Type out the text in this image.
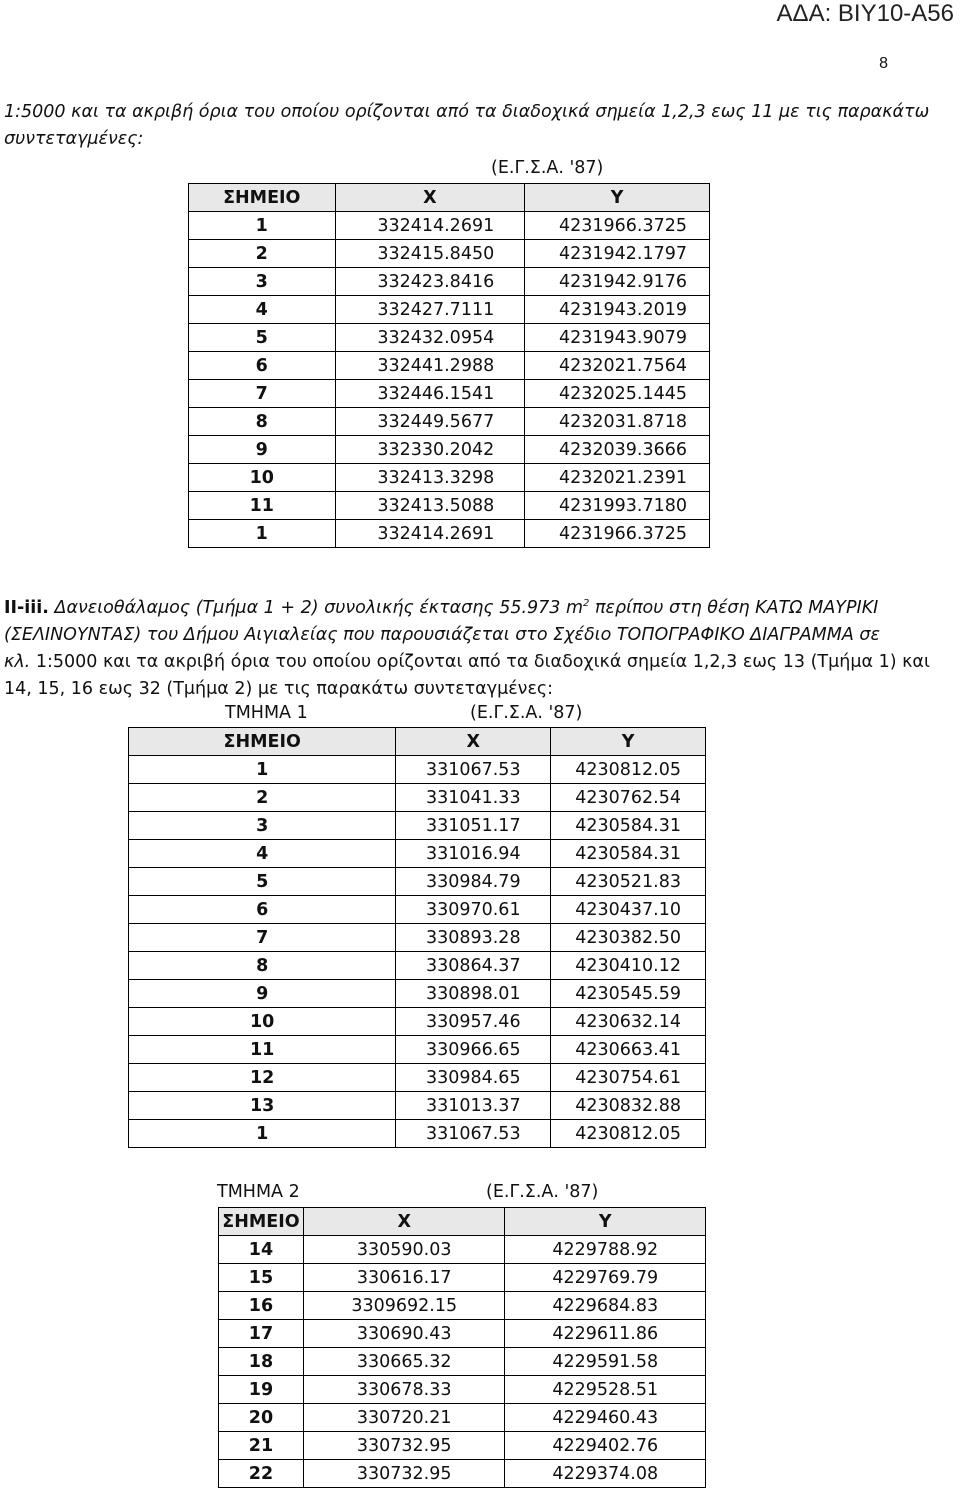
ΑΔΑ: ΒΙΥ10-Α56
8
1:5000 και τα ακριβή όρια του οποίου ορίζονται από τα διαδοχικά σημεία 1,2,3 εως 11 με τις παρακάτω
συντεταγμένες:
(Ε.Γ.Σ.Α. '87)
ΣΗΜΕΙΟ	X	Y
1	332414.2691	4231966.3725
2	332415.8450	4231942.1797
3	332423.8416	4231942.9176
4	332427.7111	4231943.2019
5	332432.0954	4231943.9079
6	332441.2988	4232021.7564
7	332446.1541	4232025.1445
8	332449.5677	4232031.8718
9	332330.2042	4232039.3666
10	332413.3298	4232021.2391
11	332413.5088	4231993.7180
1	332414.2691	4231966.3725
ΙΙ-iii. Δανειοθάλαμος (Τμήμα 1 + 2) συνολικής έκτασης 55.973 $m^2$ περίπου στη θέση ΚΑΤΩ ΜΑΥΡΙΚΙ
(ΣΕΛΙΝΟΥΝΤΑΣ) του Δήμου Αιγιαλείας που παρουσιάζεται στο Σχέδιο ΤΟΠΟΓΡΑΦΙΚΟ ΔΙΑΓΡΑΜΜΑ σε
κλ. 1:5000 και τα ακριβή όρια του οποίου ορίζονται από τα διαδοχικά σημεία 1,2,3 εως 13 (Τμήμα 1) και
14, 15, 16 εως 32 (Τμήμα 2) με τις παρακάτω συντεταγμένες:
ΤΜΗΜΑ 1	(Ε.Γ.Σ.Α. '87)
ΣΗΜΕΙΟ	X	Y
1	331067.53	4230812.05
2	331041.33	4230762.54
3	331051.17	4230584.31
4	331016.94	4230584.31
5	330984.79	4230521.83
6	330970.61	4230437.10
7	330893.28	4230382.50
8	330864.37	4230410.12
9	330898.01	4230545.59
10	330957.46	4230632.14
11	330966.65	4230663.41
12	330984.65	4230754.61
13	331013.37	4230832.88
1	331067.53	4230812.05
ΤΜΗΜΑ 2	(Ε.Γ.Σ.Α. '87)
ΣΗΜΕΙΟ	X	Y
14	330590.03	4229788.92
15	330616.17	4229769.79
16	3309692.15	4229684.83
17	330690.43	4229611.86
18	330665.32	4229591.58
19	330678.33	4229528.51
20	330720.21	4229460.43
21	330732.95	4229402.76
22	330732.95	4229374.08
